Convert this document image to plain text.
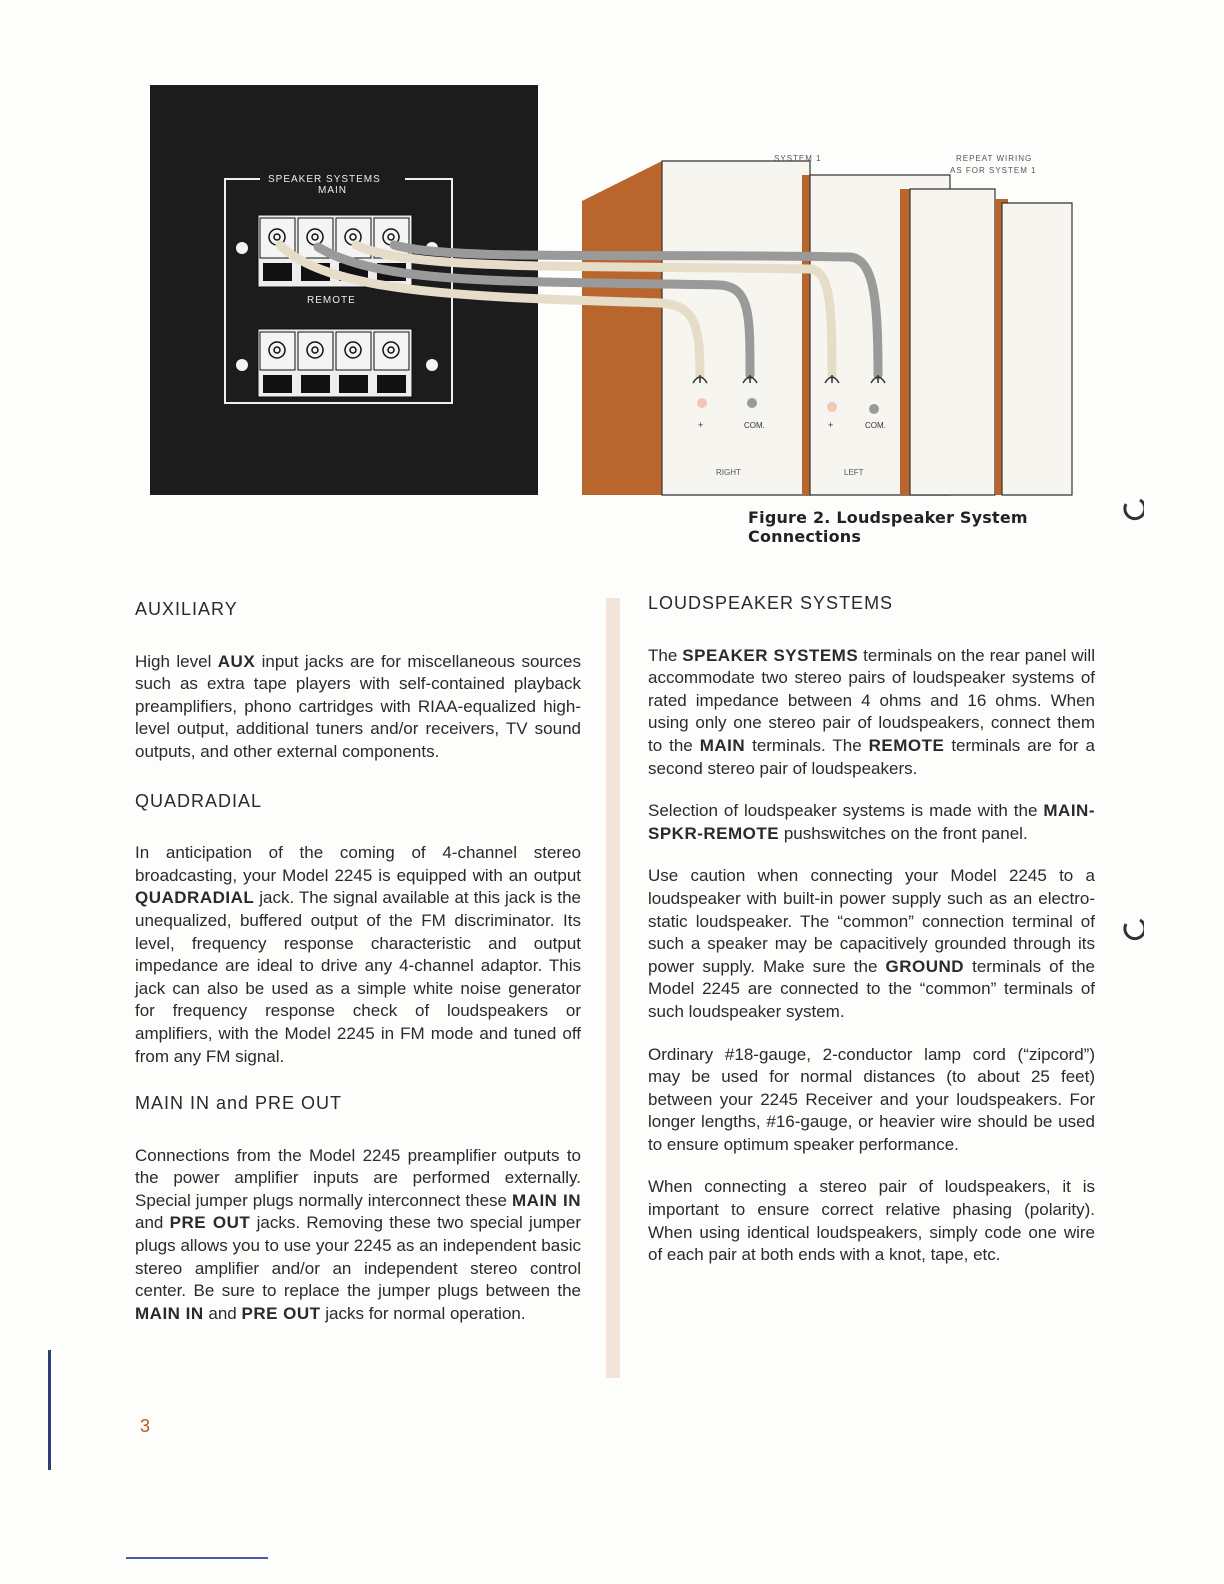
SPEAKER SYSTEMS
MAIN
REMOTE
+	COM.	+	COM.
RIGHT	LEFT
SYSTEM 1	REPEAT WIRING
AS FOR SYSTEM 1
Figure 2. Loudspeaker System Connections
AUXILIARY

High level AUX input jacks are for miscellaneous sources such as extra tape players with self-contained playback preamplifiers, phono cartridges with RIAA-equalized high-level output, additional tuners and/or receivers, TV sound outputs, and other external components.

QUADRADIAL

In anticipation of the coming of 4-channel stereo broadcasting, your Model 2245 is equipped with an output QUADRADIAL jack. The signal available at this jack is the unequalized, buffered output of the FM discriminator. Its level, frequency response characteristic and output impedance are ideal to drive any 4-channel adaptor. This jack can also be used as a simple white noise generator for frequency response check of loudspeakers or amplifiers, with the Model 2245 in FM mode and tuned off from any FM signal.

MAIN IN and PRE OUT

Connections from the Model 2245 preamplifier outputs to the power amplifier inputs are performed externally. Special jumper plugs normally interconnect these MAIN IN and PRE OUT jacks. Removing these two special jumper plugs allows you to use your 2245 as an independent basic stereo amplifier and/or an independent stereo control center. Be sure to replace the jumper plugs between the MAIN IN and PRE OUT jacks for normal operation.

LOUDSPEAKER SYSTEMS

The SPEAKER SYSTEMS terminals on the rear panel will accommodate two stereo pairs of loudspeaker systems of rated impedance between 4 ohms and 16 ohms. When using only one stereo pair of loudspeakers, connect them to the MAIN terminals. The REMOTE terminals are for a second stereo pair of loudspeakers.

Selection of loudspeaker systems is made with the MAIN-SPKR-REMOTE pushswitches on the front panel.

Use caution when connecting your Model 2245 to a loudspeaker with built-in power supply such as an electro-static loudspeaker. The “common” connection terminal of such a speaker may be capacitively grounded through its power supply. Make sure the GROUND terminals of the Model 2245 are connected to the “common” terminals of such loudspeaker system.

Ordinary #18-gauge, 2-conductor lamp cord (“zipcord”) may be used for normal distances (to about 25 feet) between your 2245 Receiver and your loudspeakers. For longer lengths, #16-gauge, or heavier wire should be used to ensure optimum speaker performance.

When connecting a stereo pair of loudspeakers, it is important to ensure correct relative phasing (polarity). When using identical loudspeakers, simply code one wire of each pair at both ends with a knot, tape, etc.

3
